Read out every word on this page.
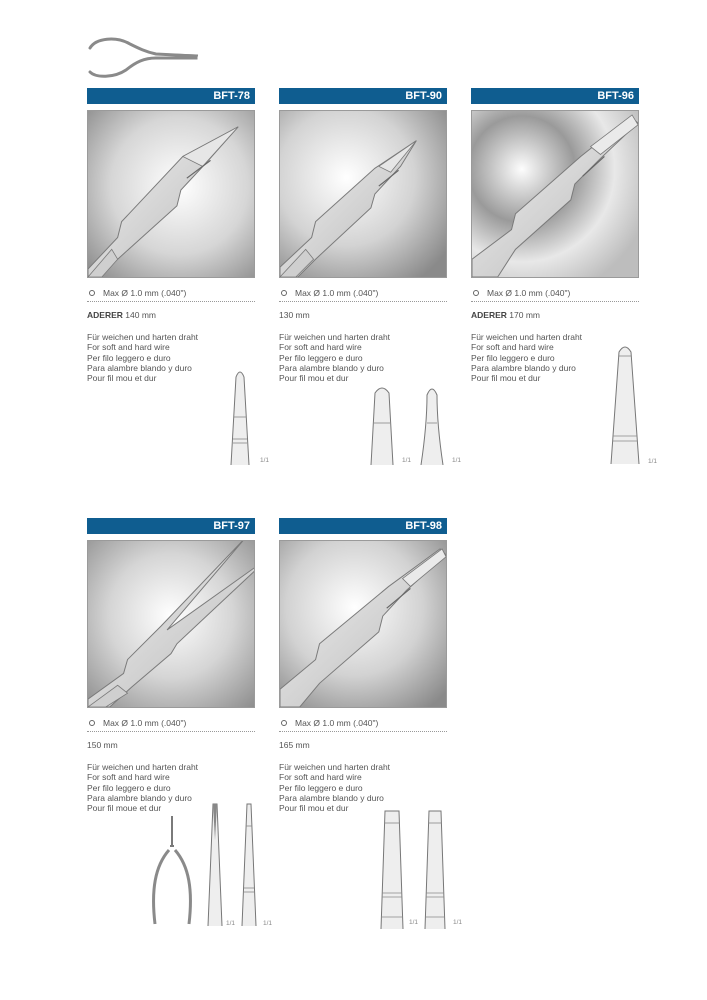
BFT-78
Max Ø 1.0 mm (.040")
ADERER 140 mm
Für weichen und harten draht
For soft and hard wire
Per filo leggero e duro
Para alambre blando y duro
Pour fil mou et dur
1/1
BFT-90
Max Ø 1.0 mm (.040")
130 mm
Für weichen und harten draht
For soft and hard wire
Per filo leggero e duro
Para alambre blando y duro
Pour fil mou et dur
1/1	1/1
BFT-96
Max Ø 1.0 mm (.040")
ADERER 170 mm
Für weichen und harten draht
For soft and hard wire
Per filo leggero e duro
Para alambre blando y duro
Pour fil mou et dur
1/1
BFT-97
Max Ø 1.0 mm (.040")
150 mm
Für weichen und harten draht
For soft and hard wire
Per filo leggero e duro
Para alambre blando y duro
Pour fil moue et dur
1/1	1/1
BFT-98
Max Ø 1.0 mm (.040")
165 mm
Für weichen und harten draht
For soft and hard wire
Per filo leggero e duro
Para alambre blando y duro
Pour fil mou et dur
1/1	1/1
